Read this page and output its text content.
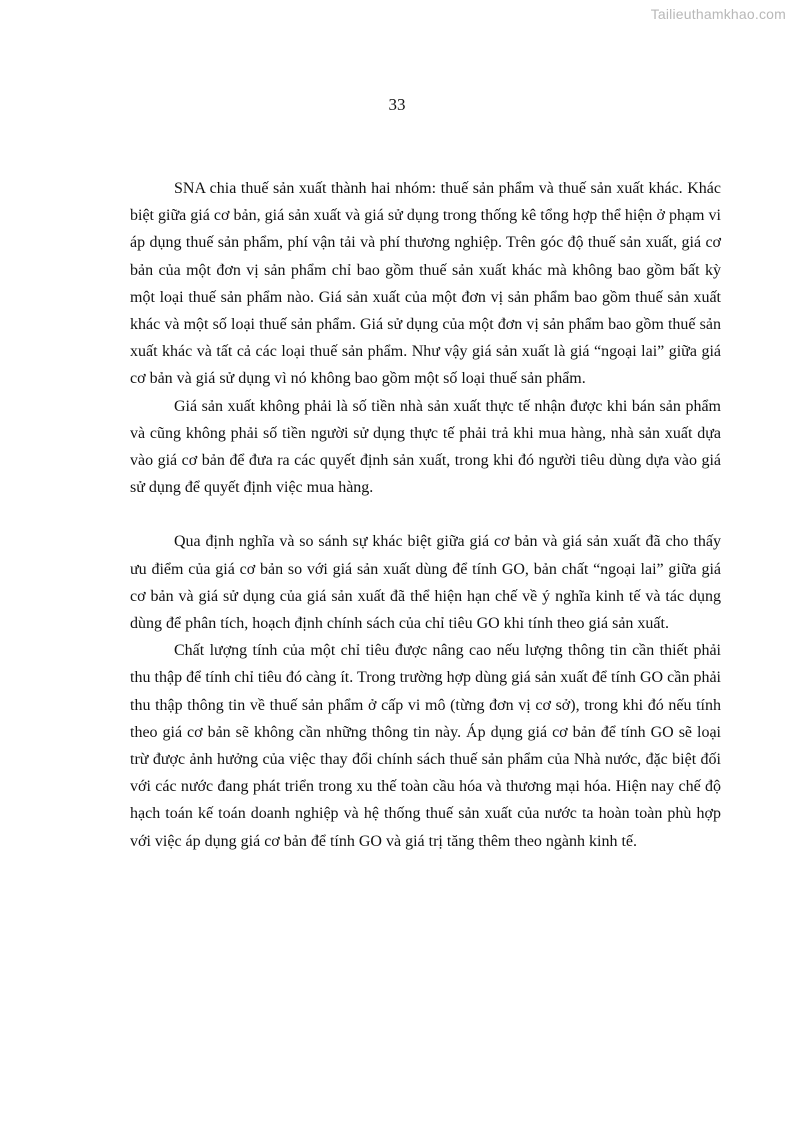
Tailieuthamkhao.com
33

SNA chia thuế sản xuất thành hai nhóm: thuế sản phẩm và thuế sản xuất khác. Khác biệt giữa giá cơ bản, giá sản xuất và giá sử dụng trong thống kê tổng hợp thể hiện ở phạm vi áp dụng thuế sản phẩm, phí vận tải và phí thương nghiệp. Trên góc độ thuế sản xuất, giá cơ bản của một đơn vị sản phẩm chỉ bao gồm thuế sản xuất khác mà không bao gồm bất kỳ một loại thuế sản phẩm nào. Giá sản xuất của một đơn vị sản phẩm bao gồm thuế sản xuất khác và một số loại thuế sản phẩm. Giá sử dụng của một đơn vị sản phẩm bao gồm thuế sản xuất khác và tất cả các loại thuế sản phẩm. Như vậy giá sản xuất là giá “ngoại lai” giữa giá cơ bản và giá sử dụng vì nó không bao gồm một số loại thuế sản phẩm.

Giá sản xuất không phải là số tiền nhà sản xuất thực tế nhận được khi bán sản phẩm và cũng không phải số tiền người sử dụng thực tế phải trả khi mua hàng, nhà sản xuất dựa vào giá cơ bản để đưa ra các quyết định sản xuất, trong khi đó người tiêu dùng dựa vào giá sử dụng để quyết định việc mua hàng.

Qua định nghĩa và so sánh sự khác biệt giữa giá cơ bản và giá sản xuất đã cho thấy ưu điểm của giá cơ bản so với giá sản xuất dùng để tính GO, bản chất “ngoại lai” giữa giá cơ bản và giá sử dụng của giá sản xuất đã thể hiện hạn chế về ý nghĩa kinh tế và tác dụng dùng để phân tích, hoạch định chính sách của chỉ tiêu GO khi tính theo giá sản xuất.

Chất lượng tính của một chỉ tiêu được nâng cao nếu lượng thông tin cần thiết phải thu thập để tính chỉ tiêu đó càng ít. Trong trường hợp dùng giá sản xuất để tính GO cần phải thu thập thông tin về thuế sản phẩm ở cấp vi mô (từng đơn vị cơ sở), trong khi đó nếu tính theo giá cơ bản sẽ không cần những thông tin này. Áp dụng giá cơ bản để tính GO sẽ loại trừ được ảnh hưởng của việc thay đổi chính sách thuế sản phẩm của Nhà nước, đặc biệt đối với các nước đang phát triển trong xu thế toàn cầu hóa và thương mại hóa. Hiện nay chế độ hạch toán kế toán doanh nghiệp và hệ thống thuế sản xuất của nước ta hoàn toàn phù hợp với việc áp dụng giá cơ bản để tính GO và giá trị tăng thêm theo ngành kinh tế.
